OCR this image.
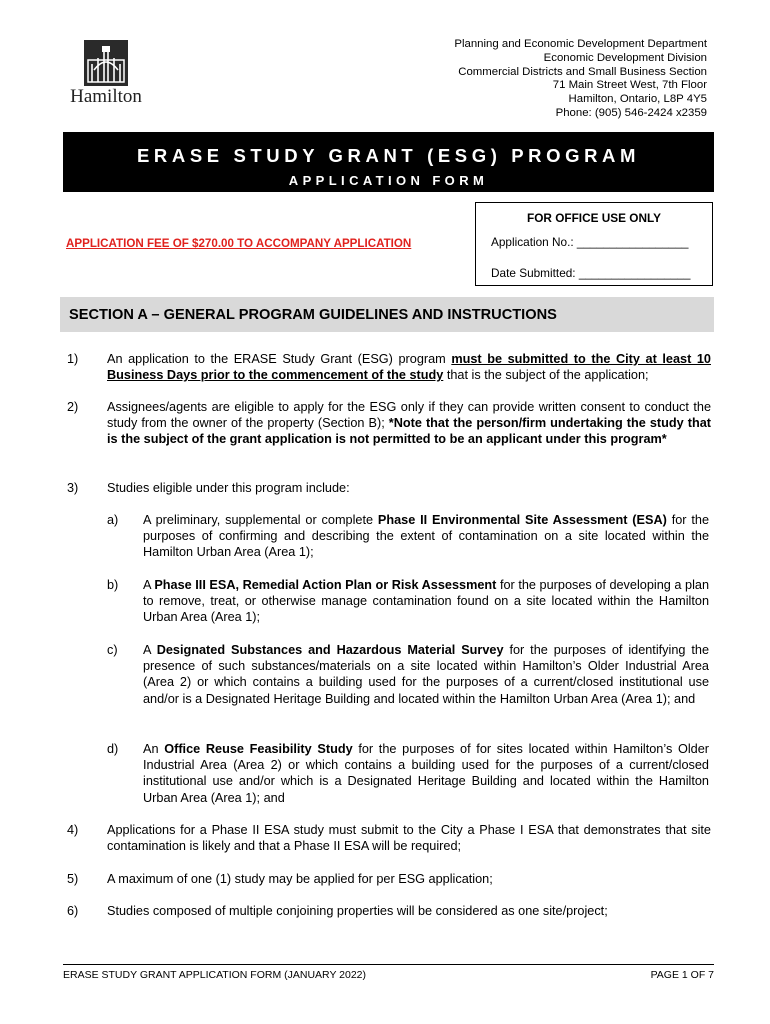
Hamilton
Planning and Economic Development Department
Economic Development Division
Commercial Districts and Small Business Section
71 Main Street West, 7th Floor
Hamilton, Ontario, L8P 4Y5
Phone: (905) 546-2424 x2359
ERASE STUDY GRANT (ESG) PROGRAM
APPLICATION FORM
APPLICATION FEE OF $270.00 TO ACCOMPANY APPLICATION
FOR OFFICE USE ONLY
Application No.: _________________
Date Submitted: _________________
SECTION A – GENERAL PROGRAM GUIDELINES AND INSTRUCTIONS
1) An application to the ERASE Study Grant (ESG) program must be submitted to the City at least 10 Business Days prior to the commencement of the study that is the subject of the application;
2) Assignees/agents are eligible to apply for the ESG only if they can provide written consent to conduct the study from the owner of the property (Section B); *Note that the person/firm undertaking the study that is the subject of the grant application is not permitted to be an applicant under this program*
3) Studies eligible under this program include:
a) A preliminary, supplemental or complete Phase II Environmental Site Assessment (ESA) for the purposes of confirming and describing the extent of contamination on a site located within the Hamilton Urban Area (Area 1);
b) A Phase III ESA, Remedial Action Plan or Risk Assessment for the purposes of developing a plan to remove, treat, or otherwise manage contamination found on a site located within the Hamilton Urban Area (Area 1);
c) A Designated Substances and Hazardous Material Survey for the purposes of identifying the presence of such substances/materials on a site located within Hamilton’s Older Industrial Area (Area 2) or which contains a building used for the purposes of a current/closed institutional use and/or is a Designated Heritage Building and located within the Hamilton Urban Area (Area 1); and
d) An Office Reuse Feasibility Study for the purposes of for sites located within Hamilton’s Older Industrial Area (Area 2) or which contains a building used for the purposes of a current/closed institutional use and/or which is a Designated Heritage Building and located within the Hamilton Urban Area (Area 1); and
4) Applications for a Phase II ESA study must submit to the City a Phase I ESA that demonstrates that site contamination is likely and that a Phase II ESA will be required;
5) A maximum of one (1) study may be applied for per ESG application;
6) Studies composed of multiple conjoining properties will be considered as one site/project;
ERASE STUDY GRANT APPLICATION FORM (JANUARY 2022)	PAGE 1 OF 7
